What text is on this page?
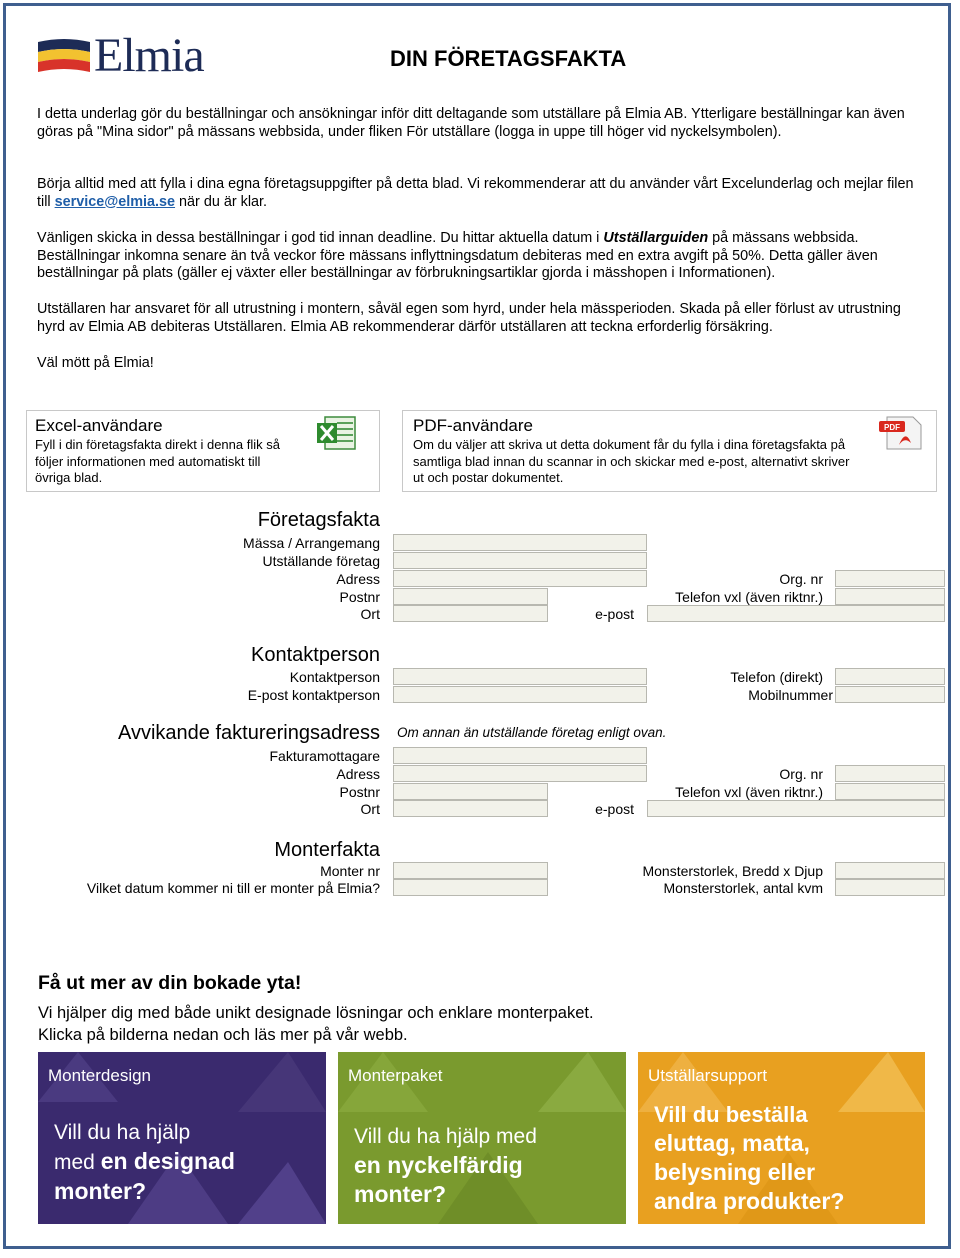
Elmia	DIN FÖRETAGSFAKTA
I detta underlag gör du beställningar och ansökningar inför ditt deltagande som utställare på Elmia AB. Ytterligare beställningar kan även göras på "Mina sidor" på mässans webbsida, under fliken För utställare (logga in uppe till höger vid nyckelsymbolen).
Börja alltid med att fylla i dina egna företagsuppgifter på detta blad. Vi rekommenderar att du använder vårt Excelunderlag och mejlar filen till service@elmia.se när du är klar.
Vänligen skicka in dessa beställningar i god tid innan deadline. Du hittar aktuella datum i Utställarguiden på mässans webbsida. Beställningar inkomna senare än två veckor före mässans inflyttningsdatum debiteras med en extra avgift på 50%. Detta gäller även beställningar på plats (gäller ej växter eller beställningar av förbrukningsartiklar gjorda i mässhopen i Informationen).
Utställaren har ansvaret för all utrustning i montern, såväl egen som hyrd, under hela mässperioden. Skada på eller förlust av utrustning hyrd av Elmia AB debiteras Utställaren. Elmia AB rekommenderar därför utställaren att teckna erforderlig försäkring.
Väl mött på Elmia!
Excel-användare
Fyll i din företagsfakta direkt i denna flik så följer informationen med automatiskt till övriga blad.
PDF-användare
Om du väljer att skriva ut detta dokument får du fylla i dina företagsfakta på samtliga blad innan du scannar in och skickar med e-post, alternativt skriver ut och postar dokumentet.
PDF
Företagsfakta
Mässa / Arrangemang
Utställande företag
Adress	Org. nr
Postnr	Telefon vxl (även riktnr.)
Ort	e-post
Kontaktperson
Kontaktperson	Telefon (direkt)
E-post kontaktperson	Mobilnummer
Avvikande faktureringsadress Om annan än utställande företag enligt ovan.
Fakturamottagare
Adress	Org. nr
Postnr	Telefon vxl (även riktnr.)
Ort	e-post
Monterfakta
Monter nr	Monsterstorlek, Bredd x Djup
Vilket datum kommer ni till er monter på Elmia?	Monsterstorlek, antal kvm
Få ut mer av din bokade yta!
Vi hjälper dig med både unikt designade lösningar och enklare monterpaket.
Klicka på bilderna nedan och läs mer på vår webb.
Monterdesign
Vill du ha hjälp
med en designad
monter?
Monterpaket
Vill du ha hjälp med
en nyckelfärdig
monter?
Utställarsupport
Vill du beställa
eluttag, matta,
belysning eller
andra produkter?
